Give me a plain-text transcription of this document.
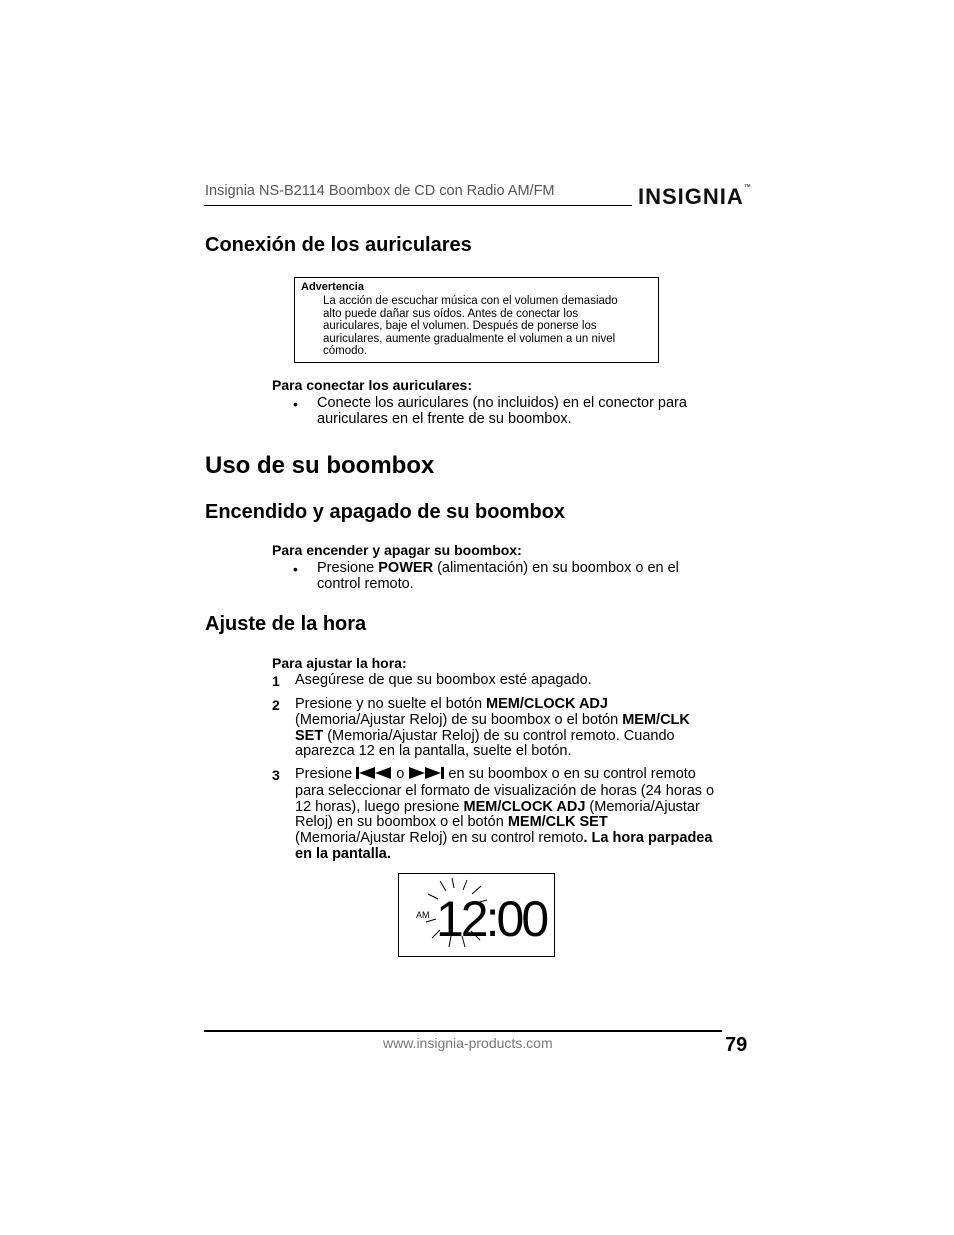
Insignia NS-B2114 Boombox de CD con Radio AM/FM	INSIGNIA™
Conexión de los auriculares
Advertencia
La acción de escuchar música con el volumen demasiado
alto puede dañar sus oídos. Antes de conectar los
auriculares, baje el volumen. Después de ponerse los
auriculares, aumente gradualmente el volumen a un nivel
cómodo.
Para conectar los auriculares:
• Conecte los auriculares (no incluidos) en el conector para
auriculares en el frente de su boombox.
Uso de su boombox
Encendido y apagado de su boombox
Para encender y apagar su boombox:
• Presione POWER (alimentación) en su boombox o en el
control remoto.
Ajuste de la hora
Para ajustar la hora:
1 Asegúrese de que su boombox esté apagado.
2 Presione y no suelte el botón MEM/CLOCK ADJ
(Memoria/Ajustar Reloj) de su boombox o el botón MEM/CLK
SET (Memoria/Ajustar Reloj) de su control remoto. Cuando
aparezca 12 en la pantalla, suelte el botón.
3 Presione	o	en su boombox o en su control remoto
para seleccionar el formato de visualización de horas (24 horas o
12 horas), luego presione MEM/CLOCK ADJ (Memoria/Ajustar
Reloj) en su boombox o el botón MEM/CLK SET
(Memoria/Ajustar Reloj) en su control remoto. La hora parpadea
en la pantalla.
AM 12:00
www.insignia-products.com	79
